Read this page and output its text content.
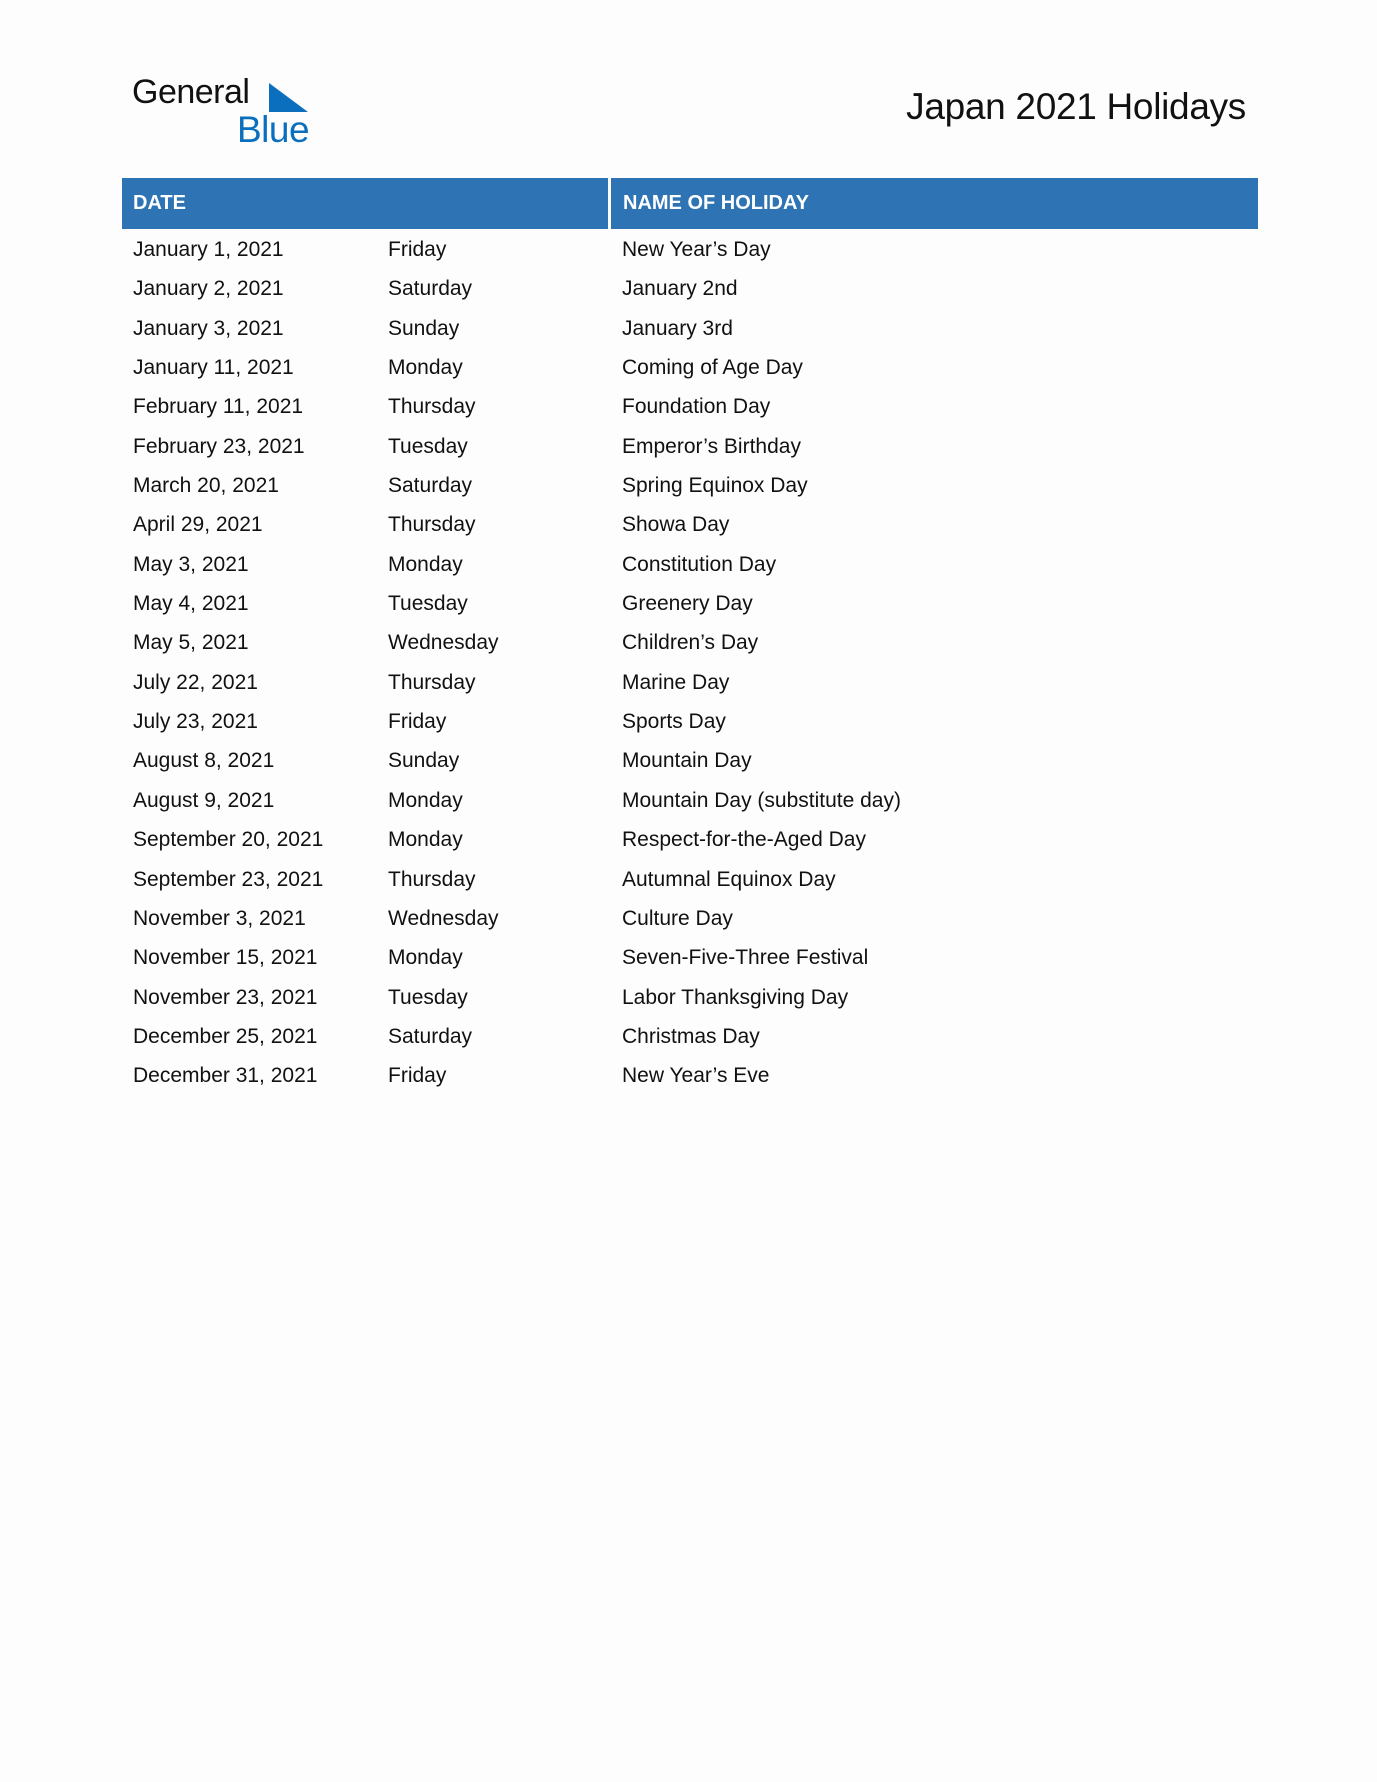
General
Blue
Japan 2021 Holidays
DATE	NAME OF HOLIDAY
January 1, 2021	Friday	New Year’s Day
January 2, 2021	Saturday	January 2nd
January 3, 2021	Sunday	January 3rd
January 11, 2021	Monday	Coming of Age Day
February 11, 2021	Thursday	Foundation Day
February 23, 2021	Tuesday	Emperor’s Birthday
March 20, 2021	Saturday	Spring Equinox Day
April 29, 2021	Thursday	Showa Day
May 3, 2021	Monday	Constitution Day
May 4, 2021	Tuesday	Greenery Day
May 5, 2021	Wednesday	Children’s Day
July 22, 2021	Thursday	Marine Day
July 23, 2021	Friday	Sports Day
August 8, 2021	Sunday	Mountain Day
August 9, 2021	Monday	Mountain Day (substitute day)
September 20, 2021	Monday	Respect-for-the-Aged Day
September 23, 2021	Thursday	Autumnal Equinox Day
November 3, 2021	Wednesday	Culture Day
November 15, 2021	Monday	Seven-Five-Three Festival
November 23, 2021	Tuesday	Labor Thanksgiving Day
December 25, 2021	Saturday	Christmas Day
December 31, 2021	Friday	New Year’s Eve
